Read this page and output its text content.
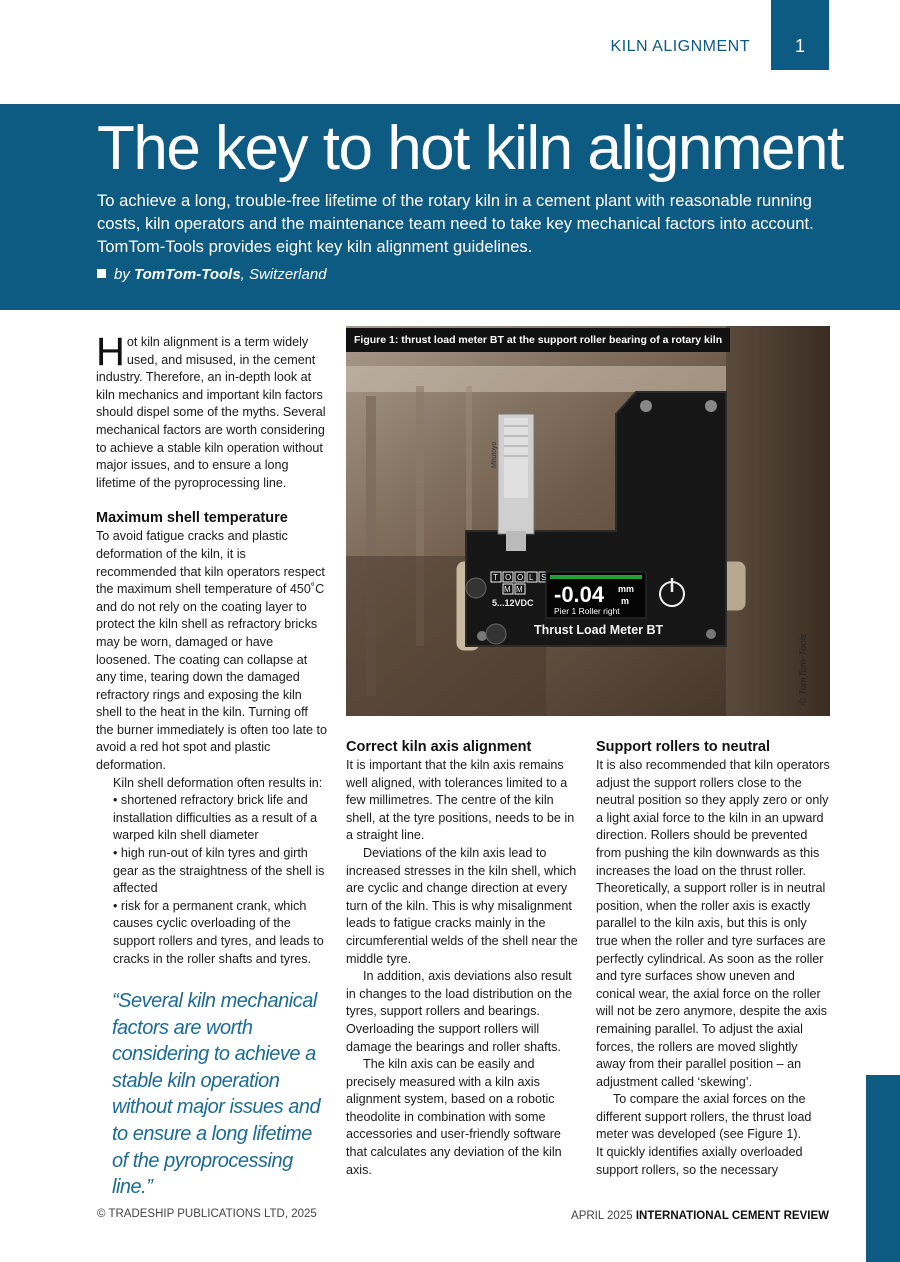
KILN ALIGNMENT	1
The key to hot kiln alignment
To achieve a long, trouble-free lifetime of the rotary kiln in a cement plant with reasonable running costs, kiln operators and the maintenance team need to take key mechanical factors into account. TomTom-Tools provides eight key kiln alignment guidelines.
by TomTom-Tools, Switzerland

Hot kiln alignment is a term widely used, and misused, in the cement industry. Therefore, an in-depth look at kiln mechanics and important kiln factors should dispel some of the myths. Several mechanical factors are worth considering to achieve a stable kiln operation without major issues, and to ensure a long lifetime of the pyroprocessing line.

Maximum shell temperature

To avoid fatigue cracks and plastic deformation of the kiln, it is recommended that kiln operators respect the maximum shell temperature of 450˚C and do not rely on the coating layer to protect the kiln shell as refractory bricks may be worn, damaged or have loosened. The coating can collapse at any time, tearing down the damaged refractory rings and exposing the kiln shell to the heat in the kiln. Turning off the burner immediately is often too late to avoid a red hot spot and plastic deformation.

Kiln shell deformation often results in:

• shortened refractory brick life and installation difficulties as a result of a warped kiln shell diameter

• high run-out of kiln tyres and girth gear as the straightness of the shell is affected

• risk for a permanent crank, which causes cyclic overloading of the support rollers and tyres, and leads to cracks in the roller shafts and tyres.

“Several kiln mechanical factors are worth considering to achieve a stable kiln operation without major issues and to ensure a long lifetime of the pyroprocessing line.”
Mitutoyo
T O O L S
M M
5...12VDC -0.04 mm
m
Pier 1 Roller right
Thrust Load Meter BT
Figure 1: thrust load meter BT at the support roller bearing of a rotary kiln
© TomTom-Tools
Correct kiln axis alignment

It is important that the kiln axis remains well aligned, with tolerances limited to a few millimetres. The centre of the kiln shell, at the tyre positions, needs to be in a straight line.

Deviations of the kiln axis lead to increased stresses in the kiln shell, which are cyclic and change direction at every turn of the kiln. This is why misalignment leads to fatigue cracks mainly in the circumferential welds of the shell near the middle tyre.

In addition, axis deviations also result in changes to the load distribution on the tyres, support rollers and bearings. Overloading the support rollers will damage the bearings and roller shafts.

The kiln axis can be easily and precisely measured with a kiln axis alignment system, based on a robotic theodolite in combination with some accessories and user-friendly software that calculates any deviation of the kiln axis.

Support rollers to neutral

It is also recommended that kiln operators adjust the support rollers close to the neutral position so they apply zero or only a light axial force to the kiln in an upward direction. Rollers should be prevented from pushing the kiln downwards as this increases the load on the thrust roller. Theoretically, a support roller is in neutral position, when the roller axis is exactly parallel to the kiln axis, but this is only true when the roller and tyre surfaces are perfectly cylindrical. As soon as the roller and tyre surfaces show uneven and conical wear, the axial force on the roller will not be zero anymore, despite the axis remaining parallel. To adjust the axial forces, the rollers are moved slightly away from their parallel position – an adjustment called ‘skewing’.

To compare the axial forces on the different support rollers, the thrust load meter was developed (see Figure 1).

It quickly identifies axially overloaded support rollers, so the necessary

© TRADESHIP PUBLICATIONS LTD, 2025	APRIL 2025 INTERNATIONAL CEMENT REVIEW
